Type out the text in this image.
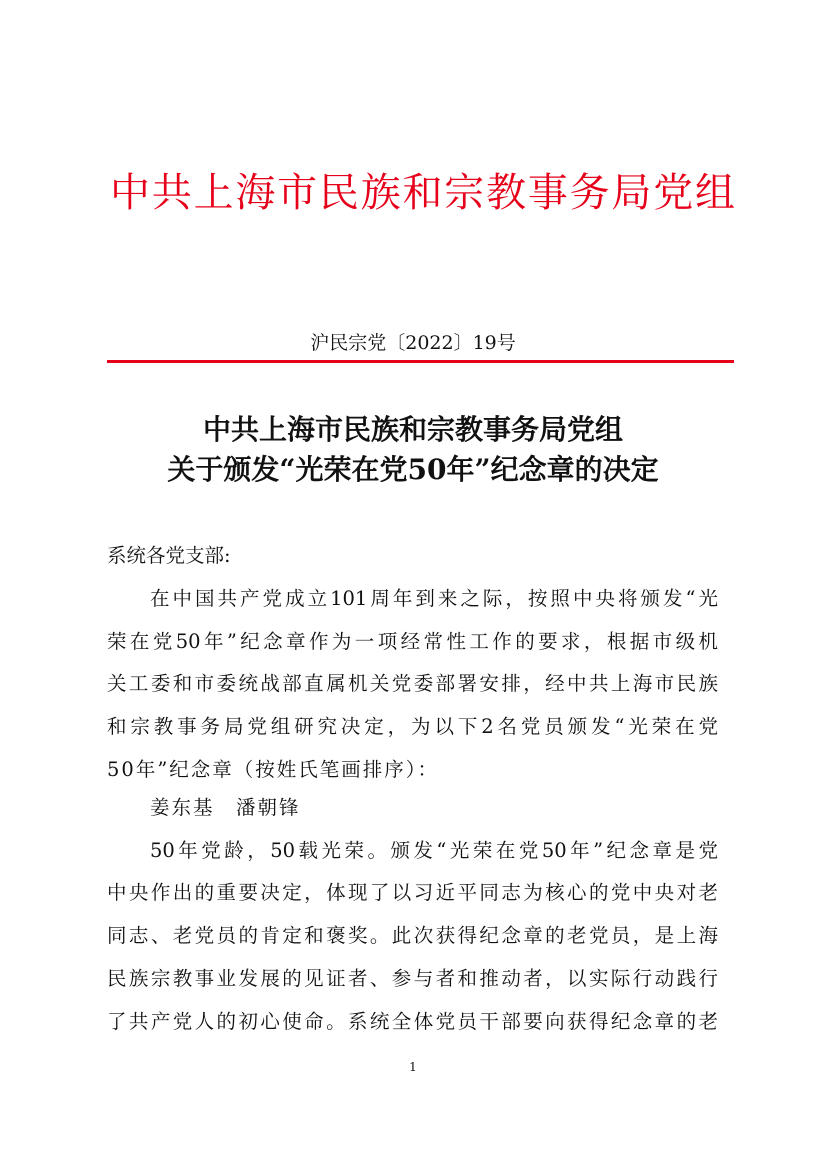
中共上海市民族和宗教事务局党组
沪民宗党〔2022〕19号
中共上海市民族和宗教事务局党组
关于颁发“光荣在党50年”纪念章的决定
系统各党支部:
在中国共产党成立101周年到来之际，按照中央将颁发“光
荣在党50年”纪念章作为一项经常性工作的要求，根据市级机
关工委和市委统战部直属机关党委部署安排，经中共上海市民族
和宗教事务局党组研究决定，为以下2名党员颁发“光荣在党
50年”纪念章（按姓氏笔画排序）：
姜东基　潘朝锋
50年党龄，50载光荣。颁发“光荣在党50年”纪念章是党
中央作出的重要决定，体现了以习近平同志为核心的党中央对老
同志、老党员的肯定和褒奖。此次获得纪念章的老党员，是上海
民族宗教事业发展的见证者、参与者和推动者，以实际行动践行
了共产党人的初心使命。系统全体党员干部要向获得纪念章的老
1
